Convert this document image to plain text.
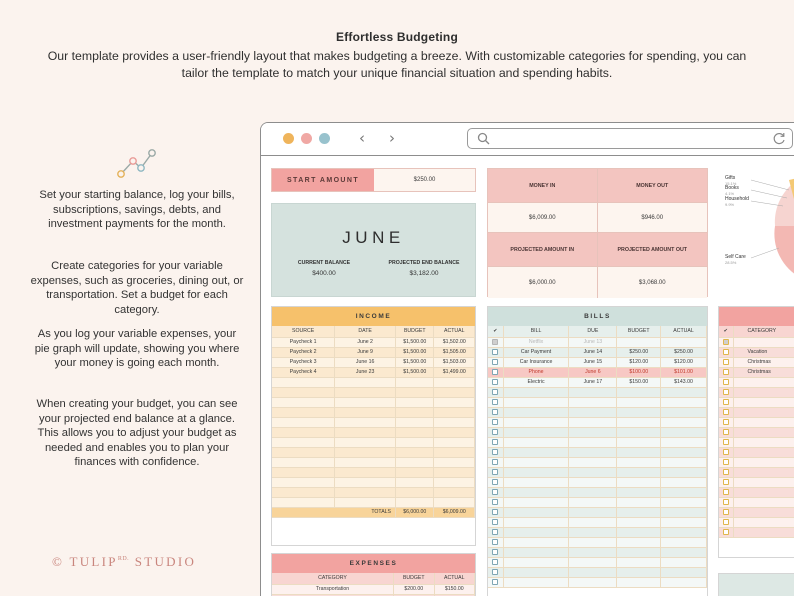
Effortless Budgeting
Our template provides a user-friendly layout that makes budgeting a breeze. With customizable categories for spending, you can tailor the template to match your unique financial situation and spending habits.
Set your starting balance, log your bills, subscriptions, savings, debts, and investment payments for the month.
Create categories for your variable expenses, such as groceries, dining out, or transportation. Set a budget for each category.
As you log your variable expenses, your pie graph will update, showing you where your money is going each month.
When creating your budget, you can see your projected end balance at a glance. This allows you to adjust your budget as needed and enables you to plan your finances with confidence.
© $TULIP^{RD.}$ STUDIO
‹ ›
START AMOUNT	$250.00
JUNE
CURRENT BALANCE	PROJECTED END BALANCE
$400.00	$3,182.00
MONEY IN	MONEY OUT
$6,009.00	$946.00
PROJECTED AMOUNT IN	PROJECTED AMOUNT OUT
$6,000.00	$3,068.00
Gifts
15.1%
Books
4.1%
Household
9.9%
Self Care
28.5%
INCOME
SOURCE	DATE	BUDGET	ACTUAL
Paycheck 1	June 2	$1,500.00	$1,502.00
Paycheck 2	June 9	$1,500.00	$1,505.00
Paycheck 3	June 16	$1,500.00	$1,503.00
Paycheck 4	June 23	$1,500.00	$1,499.00

TOTALS		$6,000.00	$6,009.00
BILLS
✔	BILL	DUE	BUDGET	ACTUAL
	Netflix	June 13		
	Car Payment	June 14	$250.00	$250.00
	Car Insurance	June 15	$120.00	$120.00
	Phone	June 6	$100.00	$101.00
	Electric	June 17	$150.00	$143.00

✔	CATEGORY

	Vacation
	Christmas
	Christmas

EXPENSES
CATEGORY	BUDGET	ACTUAL
Transportation	$200.00	$150.00
